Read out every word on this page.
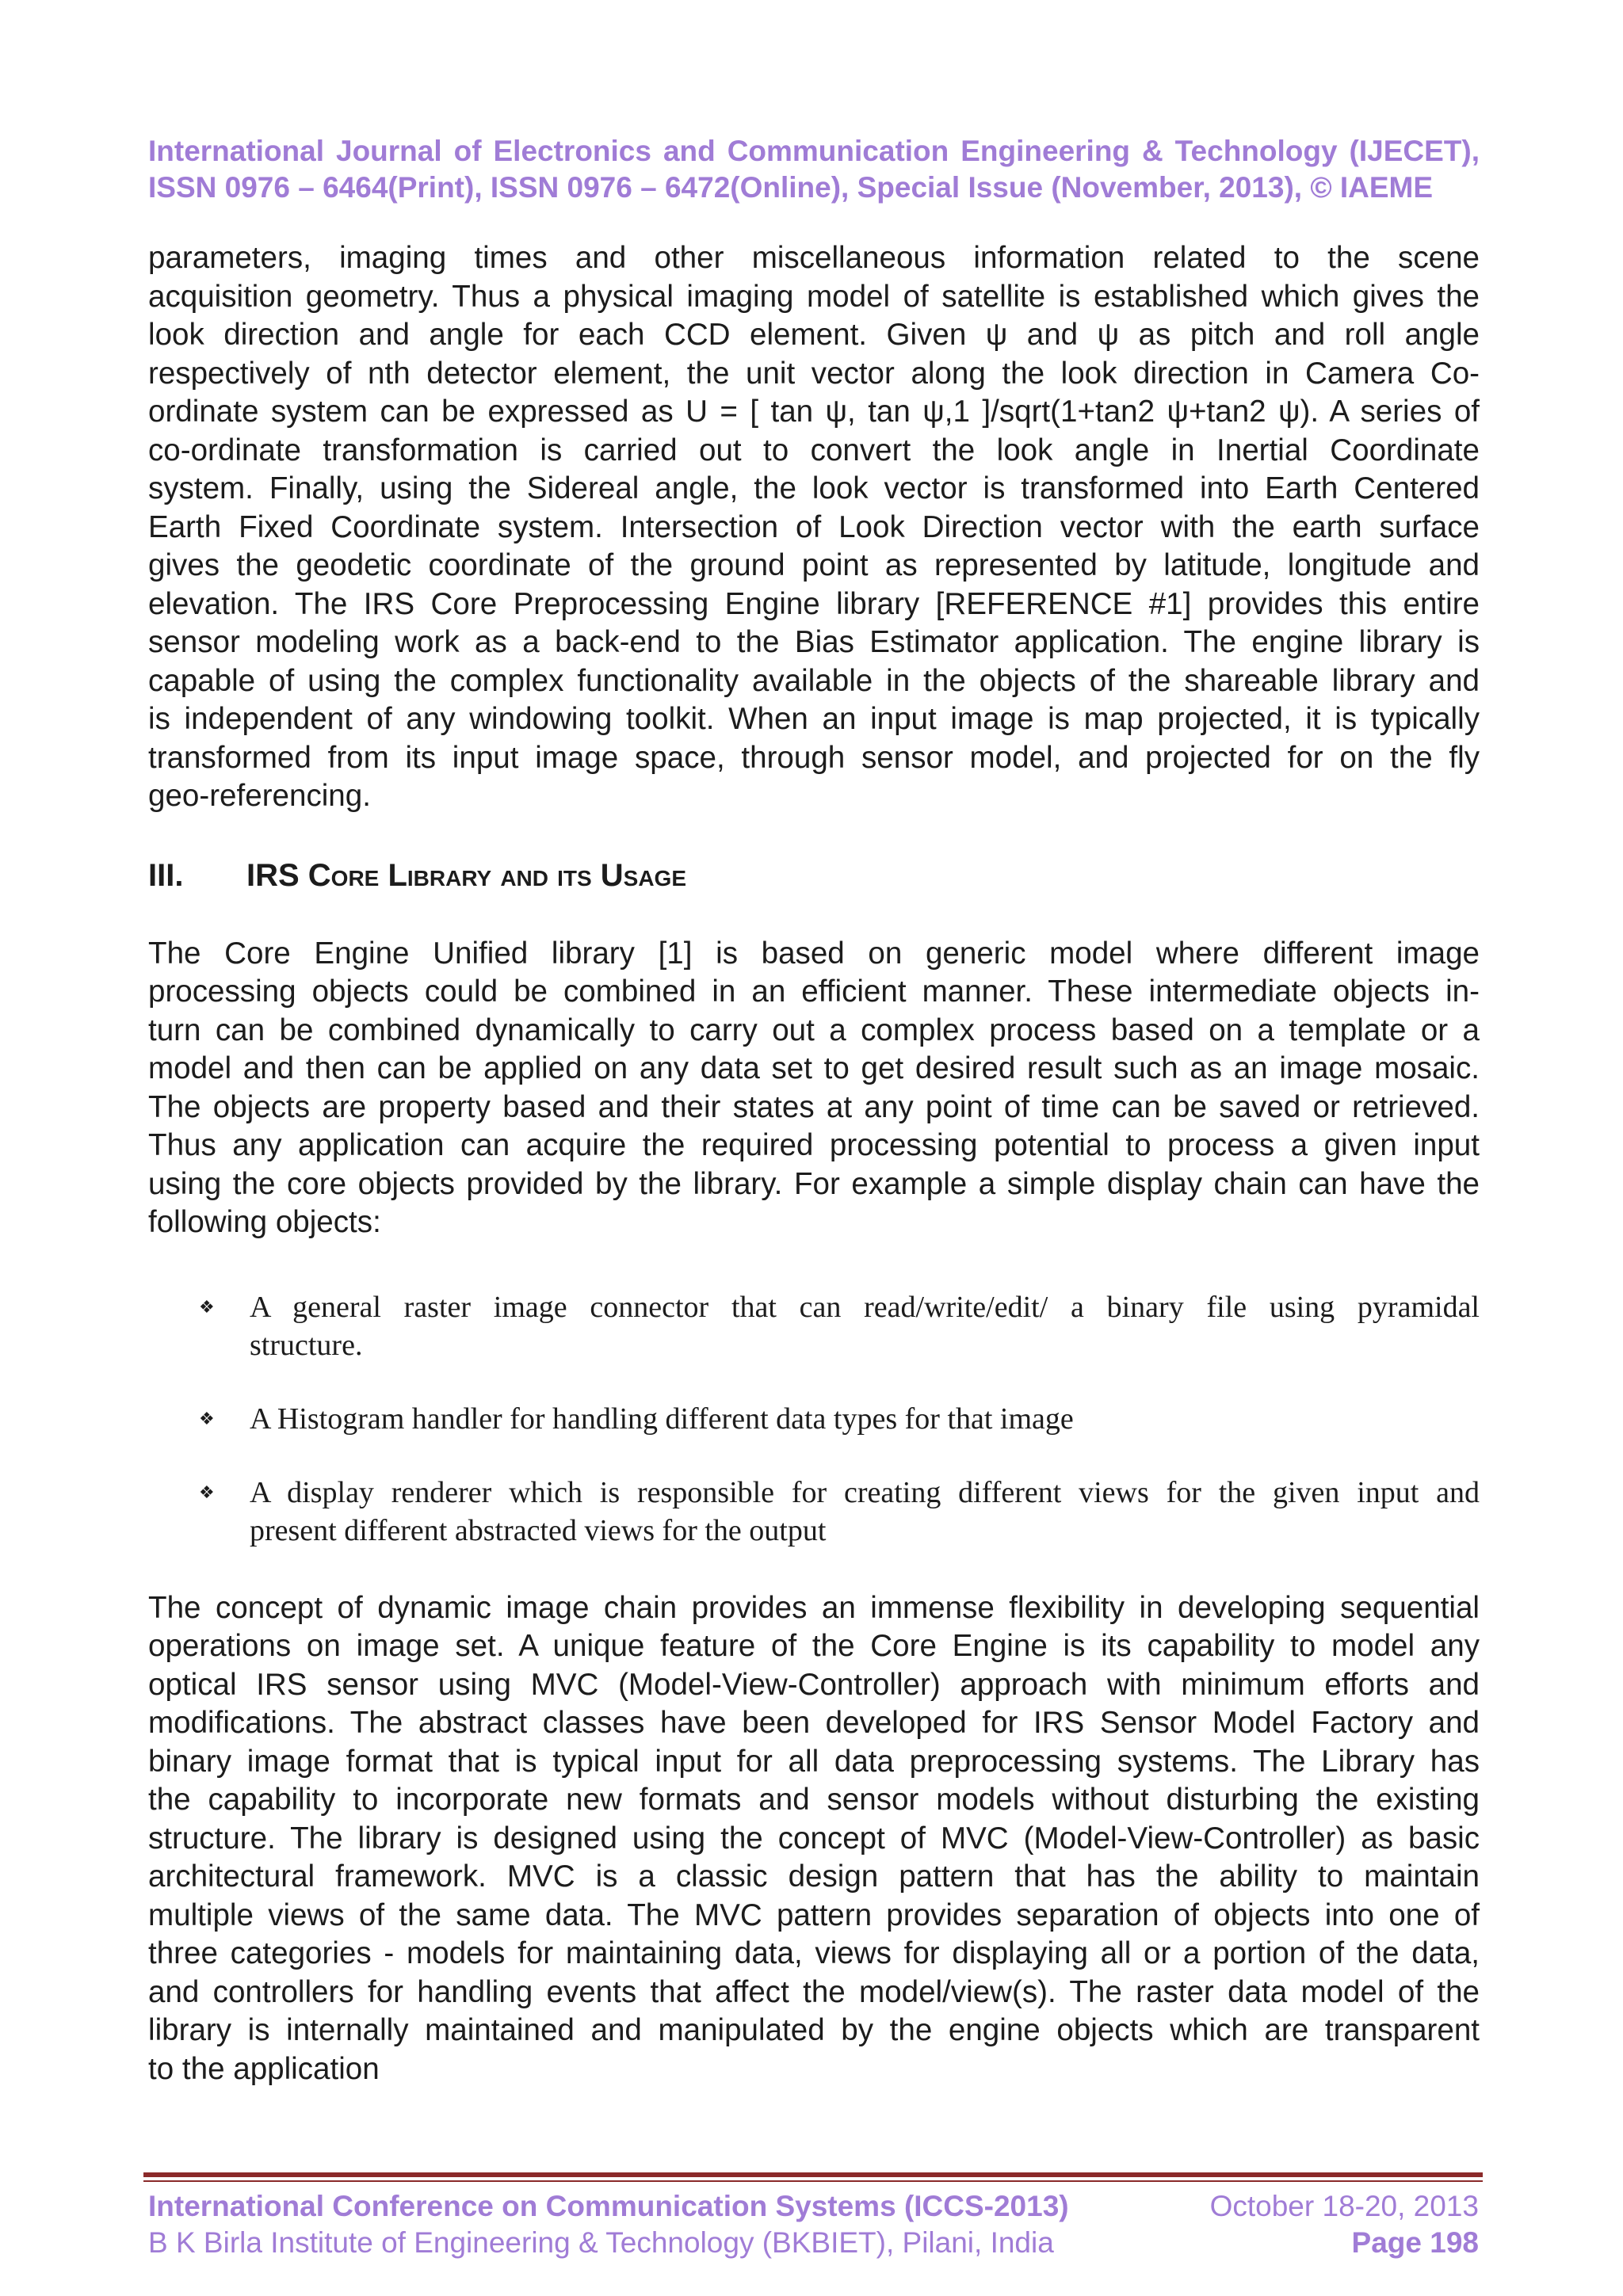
International Journal of Electronics and Communication Engineering & Technology (IJECET),
ISSN 0976 – 6464(Print), ISSN 0976 – 6472(Online), Special Issue (November, 2013), © IAEME

parameters, imaging times and other miscellaneous information related to the scene
acquisition geometry. Thus a physical imaging model of satellite is established which gives the
look direction and angle for each CCD element. Given ψ and ψ as pitch and roll angle
respectively of nth detector element, the unit vector along the look direction in Camera Co-
ordinate system can be expressed as U = [ tan ψ, tan ψ,1 ]/sqrt(1+tan2 ψ+tan2 ψ). A series of
co-ordinate transformation is carried out to convert the look angle in Inertial Coordinate
system. Finally, using the Sidereal angle, the look vector is transformed into Earth Centered
Earth Fixed Coordinate system. Intersection of Look Direction vector with the earth surface
gives the geodetic coordinate of the ground point as represented by latitude, longitude and
elevation. The IRS Core Preprocessing Engine library [REFERENCE #1] provides this entire
sensor modeling work as a back-end to the Bias Estimator application. The engine library is
capable of using the complex functionality available in the objects of the shareable library and
is independent of any windowing toolkit. When an input image is map projected, it is typically
transformed from its input image space, through sensor model, and projected for on the fly
geo-referencing.

III.	IRS Core Library and its Usage

The Core Engine Unified library [1] is based on generic model where different image
processing objects could be combined in an efficient manner. These intermediate objects in-
turn can be combined dynamically to carry out a complex process based on a template or a
model and then can be applied on any data set to get desired result such as an image mosaic.
The objects are property based and their states at any point of time can be saved or retrieved.
Thus any application can acquire the required processing potential to process a given input
using the core objects provided by the library. For example a simple display chain can have the
following objects:

❖	A general raster image connector that can read/write/edit/ a binary file using pyramidal
structure.
❖	A Histogram handler for handling different data types for that image
❖	A display renderer which is responsible for creating different views for the given input and
present different abstracted views for the output

The concept of dynamic image chain provides an immense flexibility in developing sequential
operations on image set. A unique feature of the Core Engine is its capability to model any
optical IRS sensor using MVC (Model-View-Controller) approach with minimum efforts and
modifications. The abstract classes have been developed for IRS Sensor Model Factory and
binary image format that is typical input for all data preprocessing systems. The Library has
the capability to incorporate new formats and sensor models without disturbing the existing
structure. The library is designed using the concept of MVC (Model-View-Controller) as basic
architectural framework. MVC is a classic design pattern that has the ability to maintain
multiple views of the same data. The MVC pattern provides separation of objects into one of
three categories - models for maintaining data, views for displaying all or a portion of the data,
and controllers for handling events that affect the model/view(s). The raster data model of the
library is internally maintained and manipulated by the engine objects which are transparent
to the application

International Conference on Communication Systems (ICCS-2013)
B K Birla Institute of Engineering & Technology (BKBIET), Pilani, India
October 18-20, 2013
Page 198
